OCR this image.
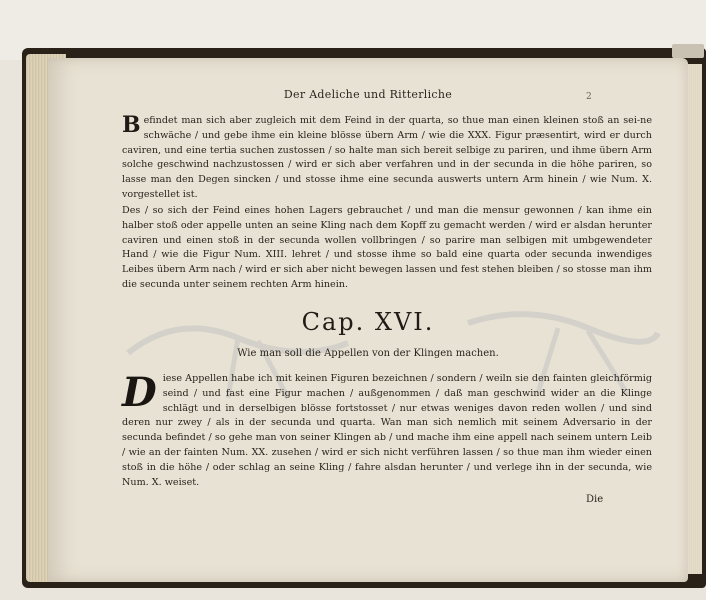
Der Adeliche und Ritterliche	2
Befindet man sich aber zugleich mit dem Feind in der quarta, so thue man einen kleinen stoß an sei-ne schwäche / und gebe ihme ein kleine blösse übern Arm / wie die XXX. Figur præsentirt, wird er durch caviren, und eine tertia suchen zustossen / so halte man sich bereit selbige zu pariren, und ihme übern Arm solche geschwind nachzustossen / wird er sich aber verfahren und in der secunda in die höhe pariren, so lasse man den Degen sincken / und stosse ihme eine secunda auswerts untern Arm hinein / wie Num. X. vorgestellet ist.
Des / so sich der Feind eines hohen Lagers gebrauchet / und man die mensur gewonnen / kan ihme ein halber stoß oder appelle unten an seine Kling nach dem Kopff zu gemacht werden / wird er alsdan herunter caviren und einen stoß in der secunda wollen vollbringen / so parire man selbigen mit umbgewendeter Hand / wie die Figur Num. XIII. lehret / und stosse ihme so bald eine quarta oder secunda inwendiges Leibes übern Arm nach / wird er sich aber nicht bewegen lassen und fest stehen bleiben / so stosse man ihm die secunda unter seinem rechten Arm hinein.
Cap. XVI.
Wie man soll die Appellen von der Klingen machen.
Diese Appellen habe ich mit keinen Figuren bezeichnen / sondern / weiln sie den fainten gleichförmig seind / und fast eine Figur machen / außgenommen / daß man geschwind wider an die Klinge schlägt und in derselbigen blösse fortstosset / nur etwas weniges davon reden wollen / und sind deren nur zwey / als in der secunda und quarta. Wan man sich nemlich mit seinem Adversario in der secunda befindet / so gehe man von seiner Klingen ab / und mache ihm eine appell nach seinem untern Leib / wie an der fainten Num. XX. zusehen / wird er sich nicht verführen lassen / so thue man ihm wieder einen stoß in die höhe / oder schlag an seine Kling / fahre alsdan herunter / und verlege ihn in der secunda, wie Num. X. weiset.
Die
